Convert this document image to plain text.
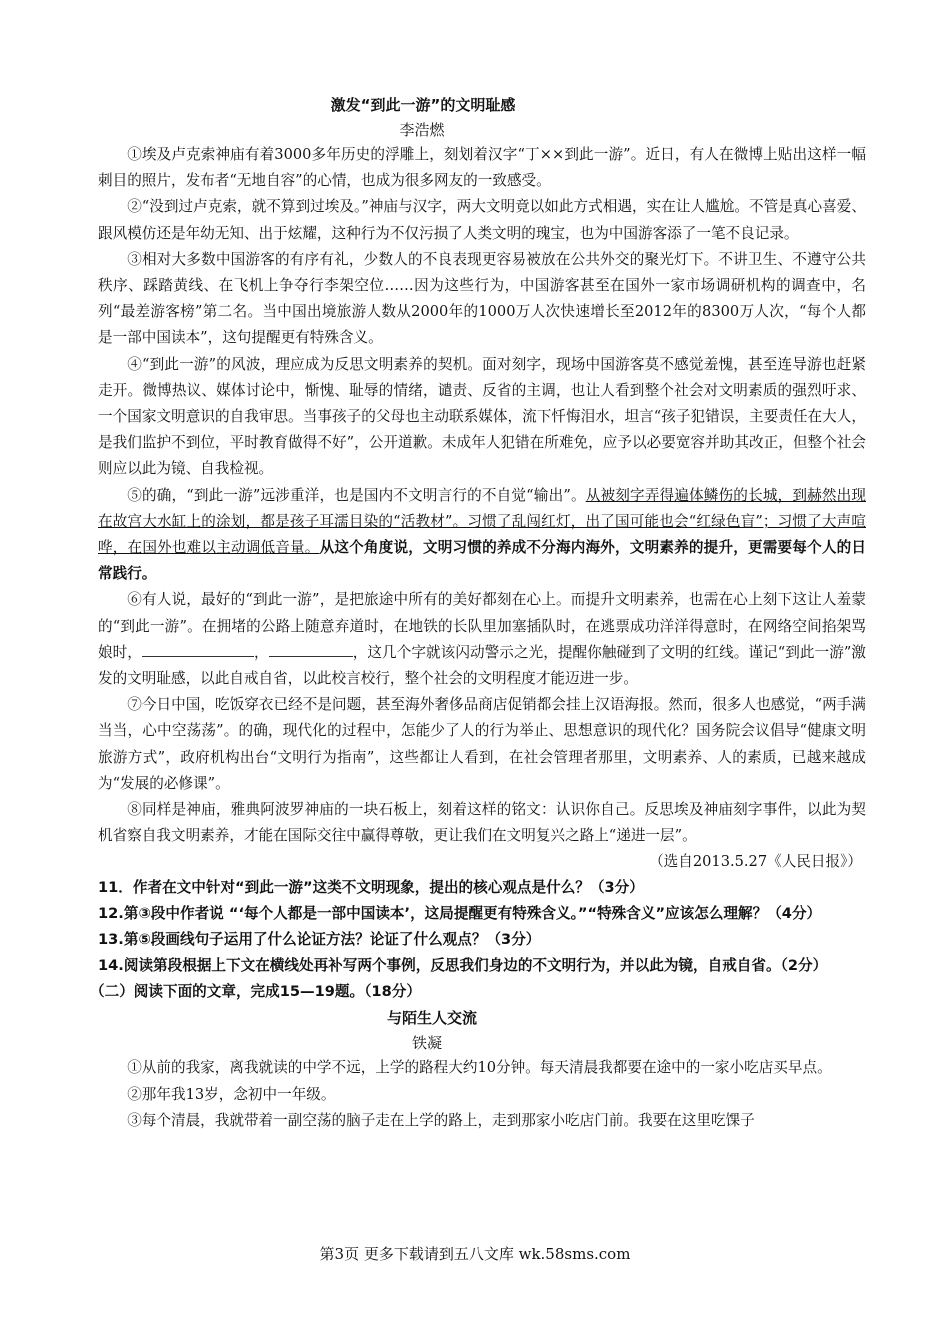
激发“到此一游”的文明耻感
李浩燃

①埃及卢克索神庙有着3000多年历史的浮雕上，刻划着汉字“丁××到此一游”。近日，有人在微博上贴出这样一幅刺目的照片，发布者“无地自容”的心情，也成为很多网友的一致感受。

②“没到过卢克索，就不算到过埃及。”神庙与汉字，两大文明竟以如此方式相遇，实在让人尴尬。不管是真心喜爱、跟风模仿还是年幼无知、出于炫耀，这种行为不仅污损了人类文明的瑰宝，也为中国游客添了一笔不良记录。

③相对大多数中国游客的有序有礼，少数人的不良表现更容易被放在公共外交的聚光灯下。不讲卫生、不遵守公共秩序、踩踏黄线、在飞机上争夺行李架空位……因为这些行为，中国游客甚至在国外一家市场调研机构的调查中，名列“最差游客榜”第二名。当中国出境旅游人数从2000年的1000万人次快速增长至2012年的8300万人次，“每个人都是一部中国读本”，这句提醒更有特殊含义。

④“到此一游”的风波，理应成为反思文明素养的契机。面对刻字，现场中国游客莫不感觉羞愧，甚至连导游也赶紧走开。微博热议、媒体讨论中，惭愧、耻辱的情绪，谴责、反省的主调，也让人看到整个社会对文明素质的强烈吁求、一个国家文明意识的自我审思。当事孩子的父母也主动联系媒体，流下忏悔泪水，坦言“孩子犯错误，主要责任在大人，是我们监护不到位，平时教育做得不好”，公开道歉。未成年人犯错在所难免，应予以必要宽容并助其改正，但整个社会则应以此为镜、自我检视。

⑤的确，“到此一游”远涉重洋，也是国内不文明言行的不自觉“输出”。从被刻字弄得遍体鳞伤的长城，到赫然出现在故宫大水缸上的涂划，都是孩子耳濡目染的“活教材”。习惯了乱闯红灯，出了国可能也会“红绿色盲”；习惯了大声喧哗，在国外也难以主动调低音量。从这个角度说，文明习惯的养成不分海内海外，文明素养的提升，更需要每个人的日常践行。

⑥有人说，最好的“到此一游”，是把旅途中所有的美好都刻在心上。而提升文明素养，也需在心上刻下这让人羞蒙的“到此一游”。在拥堵的公路上随意弃道时，在地铁的长队里加塞插队时，在逃票成功洋洋得意时，在网络空间掐架骂娘时，	，	，这几个字就该闪动警示之光，提醒你触碰到了文明的红线。谨记“到此一游”激发的文明耻感，以此自戒自省，以此校言校行，整个社会的文明程度才能迈进一步。

⑦今日中国，吃饭穿衣已经不是问题，甚至海外奢侈品商店促销都会挂上汉语海报。然而，很多人也感觉，“两手满当当，心中空荡荡”。的确，现代化的过程中，怎能少了人的行为举止、思想意识的现代化？国务院会议倡导“健康文明旅游方式”，政府机构出台“文明行为指南”，这些都让人看到，在社会管理者那里，文明素养、人的素质，已越来越成为“发展的必修课”。

⑧同样是神庙，雅典阿波罗神庙的一块石板上，刻着这样的铭文：认识你自己。反思埃及神庙刻字事件，以此为契机省察自我文明素养，才能在国际交往中赢得尊敬，更让我们在文明复兴之路上“递进一层”。

（选自2013.5.27《人民日报》）

11．作者在文中针对“到此一游”这类不文明现象，提出的核心观点是什么？（3分）

12.第③段中作者说 “‘每个人都是一部中国读本’，这局提醒更有特殊含义。”“特殊含义”应该怎么理解？（4分）

13.第⑤段画线句子运用了什么论证方法？论证了什么观点？（3分）

14.阅读第段根据上下文在横线处再补写两个事例，反思我们身边的不文明行为，并以此为镜，自戒自省。（2分）

（二）阅读下面的文章，完成15—19题。（18分）

与陌生人交流
铁凝

①从前的我家，离我就读的中学不远，上学的路程大约10分钟。每天清晨我都要在途中的一家小吃店买早点。

②那年我13岁，念初中一年级。

③每个清晨，我就带着一副空荡的脑子走在上学的路上，走到那家小吃店门前。我要在这里吃馃子

第3页 更多下载请到五八文库 wk.58sms.com
